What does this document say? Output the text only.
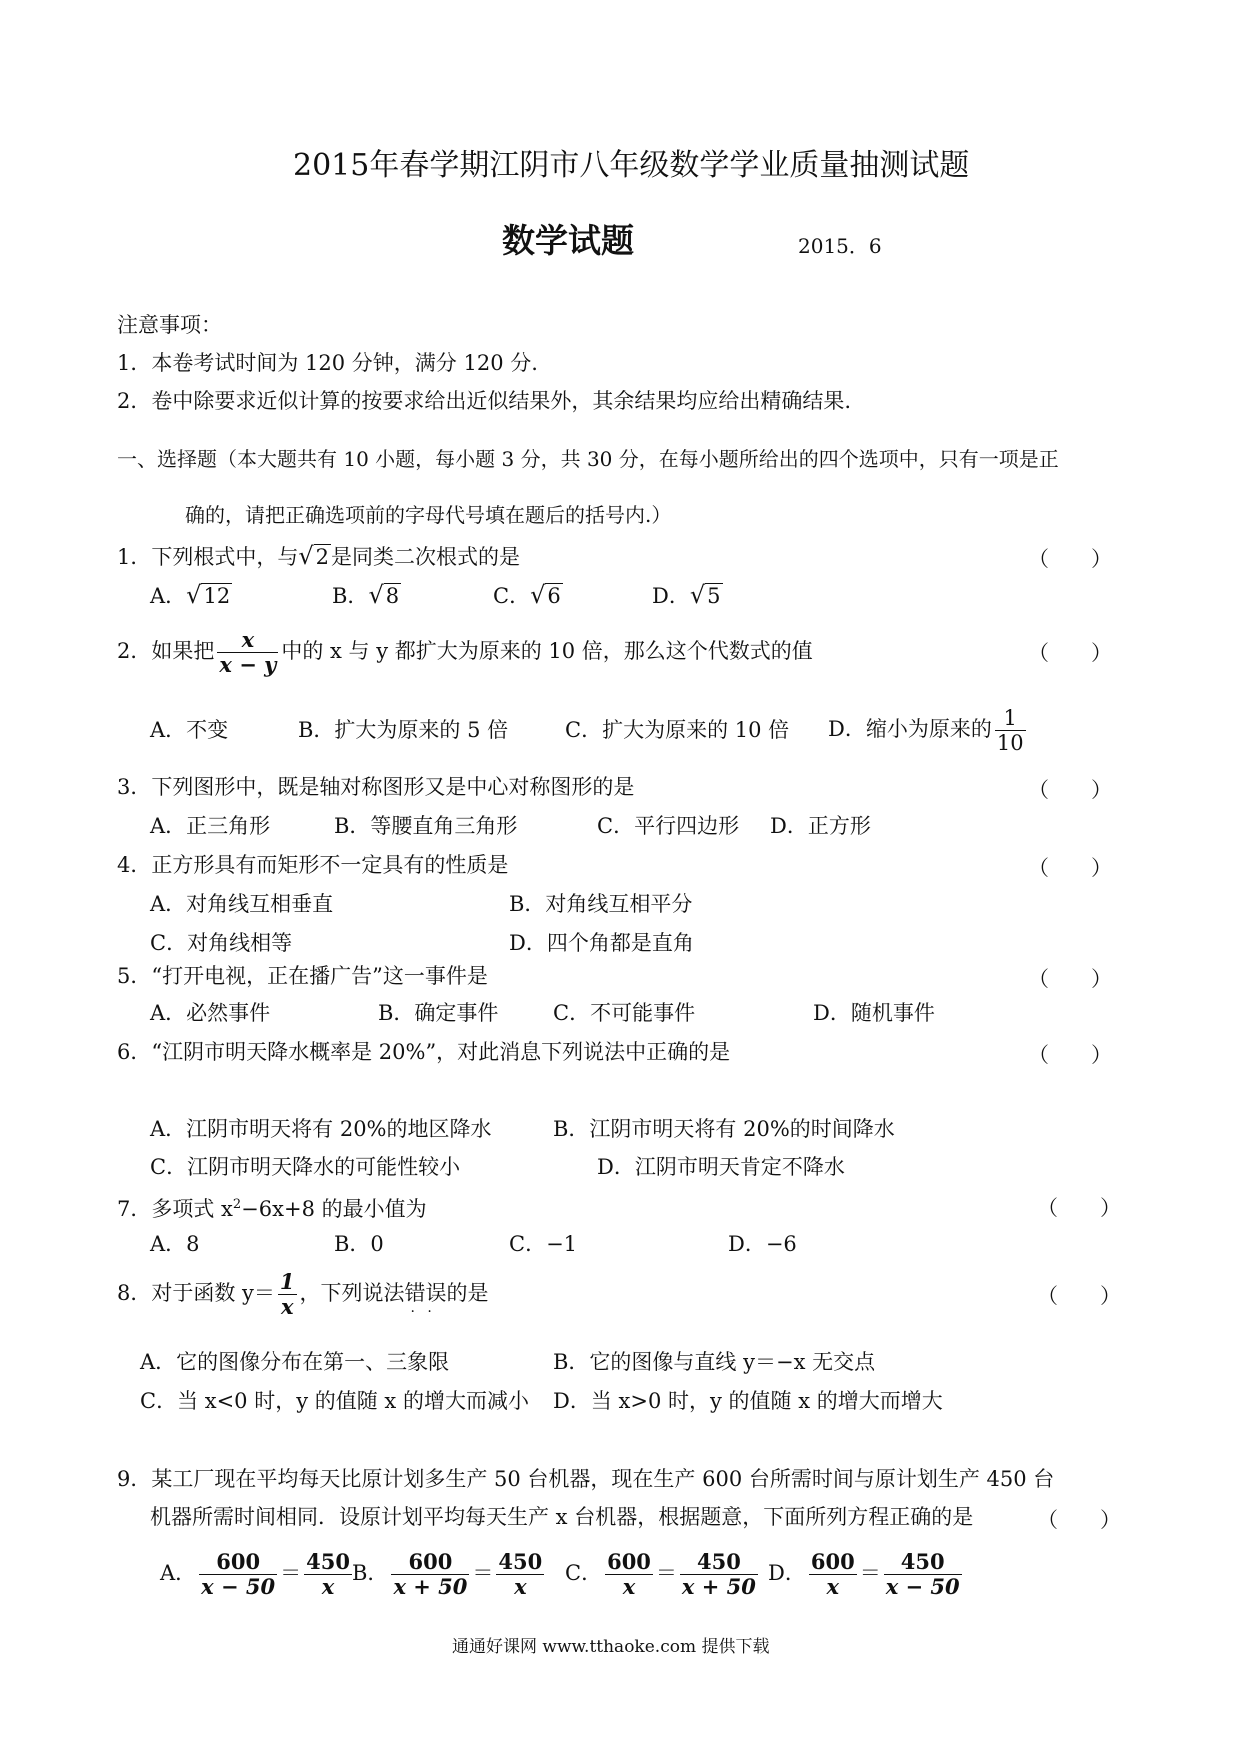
2015年春学期江阴市八年级数学学业质量抽测试题
数学试题	2015．6
注意事项：
1．本卷考试时间为 120 分钟，满分 120 分.
2．卷中除要求近似计算的按要求给出近似结果外，其余结果均应给出精确结果.
一、选择题（本大题共有 10 小题，每小题 3 分，共 30 分，在每小题所给出的四个选项中，只有一项是正
确的，请把正确选项前的字母代号填在题后的括号内.）
1．下列根式中，与√2是同类二次根式的是	（　　）
A．√12	B．√8	C．√6	D．√5
2．如果把 $\frac{x}{x - y}$ 中的 x 与 y 都扩大为原来的 10 倍，那么这个代数式的值	（　　）
A．不变	B．扩大为原来的 5 倍	C．扩大为原来的 10 倍 D．缩小为原来的 $\frac{1}{10}$
3．下列图形中，既是轴对称图形又是中心对称图形的是	（　　）
A．正三角形	B．等腰直角三角形	C．平行四边形 D．正方形
4．正方形具有而矩形不一定具有的性质是	（　　）
A．对角线互相垂直	B．对角线互相平分
C．对角线相等	D．四个角都是直角
5．“打开电视，正在播广告”这一事件是	（　　）
A．必然事件	B．确定事件	C．不可能事件	D．随机事件
6．“江阴市明天降水概率是 20%”，对此消息下列说法中正确的是	（　　）
A．江阴市明天将有 20%的地区降水	B．江阴市明天将有 20%的时间降水
C．江阴市明天降水的可能性较小	D．江阴市明天肯定不降水
7．多项式 $x^2-6x+8$ 的最小值为	（　　）
A．8	B．0	C．−1	D．−6
8．对于函数 $y= \frac{1}{x}$ ，下列说法错误 · ·的是	（　　）
A．它的图像分布在第一、三象限	B．它的图像与直线 y＝−x 无交点
C．当 x<0 时，y 的值随 x 的增大而减小 D．当 x>0 时，y 的值随 x 的增大而增大
9．某工厂现在平均每天比原计划多生产 50 台机器，现在生产 600 台所需时间与原计划生产 450 台
机器所需时间相同．设原计划平均每天生产 x 台机器，根据题意，下面所列方程正确的是	（　　）
A． $\frac{600}{x - 50} = \frac{450}{x}$ B． $\frac{600}{x + 50} = \frac{450}{x}$ C． $\frac{600}{x} = \frac{450}{x + 50}$ D． $\frac{600}{x} = \frac{450}{x - 50}$
通通好课网 www.tthaoke.com 提供下载
